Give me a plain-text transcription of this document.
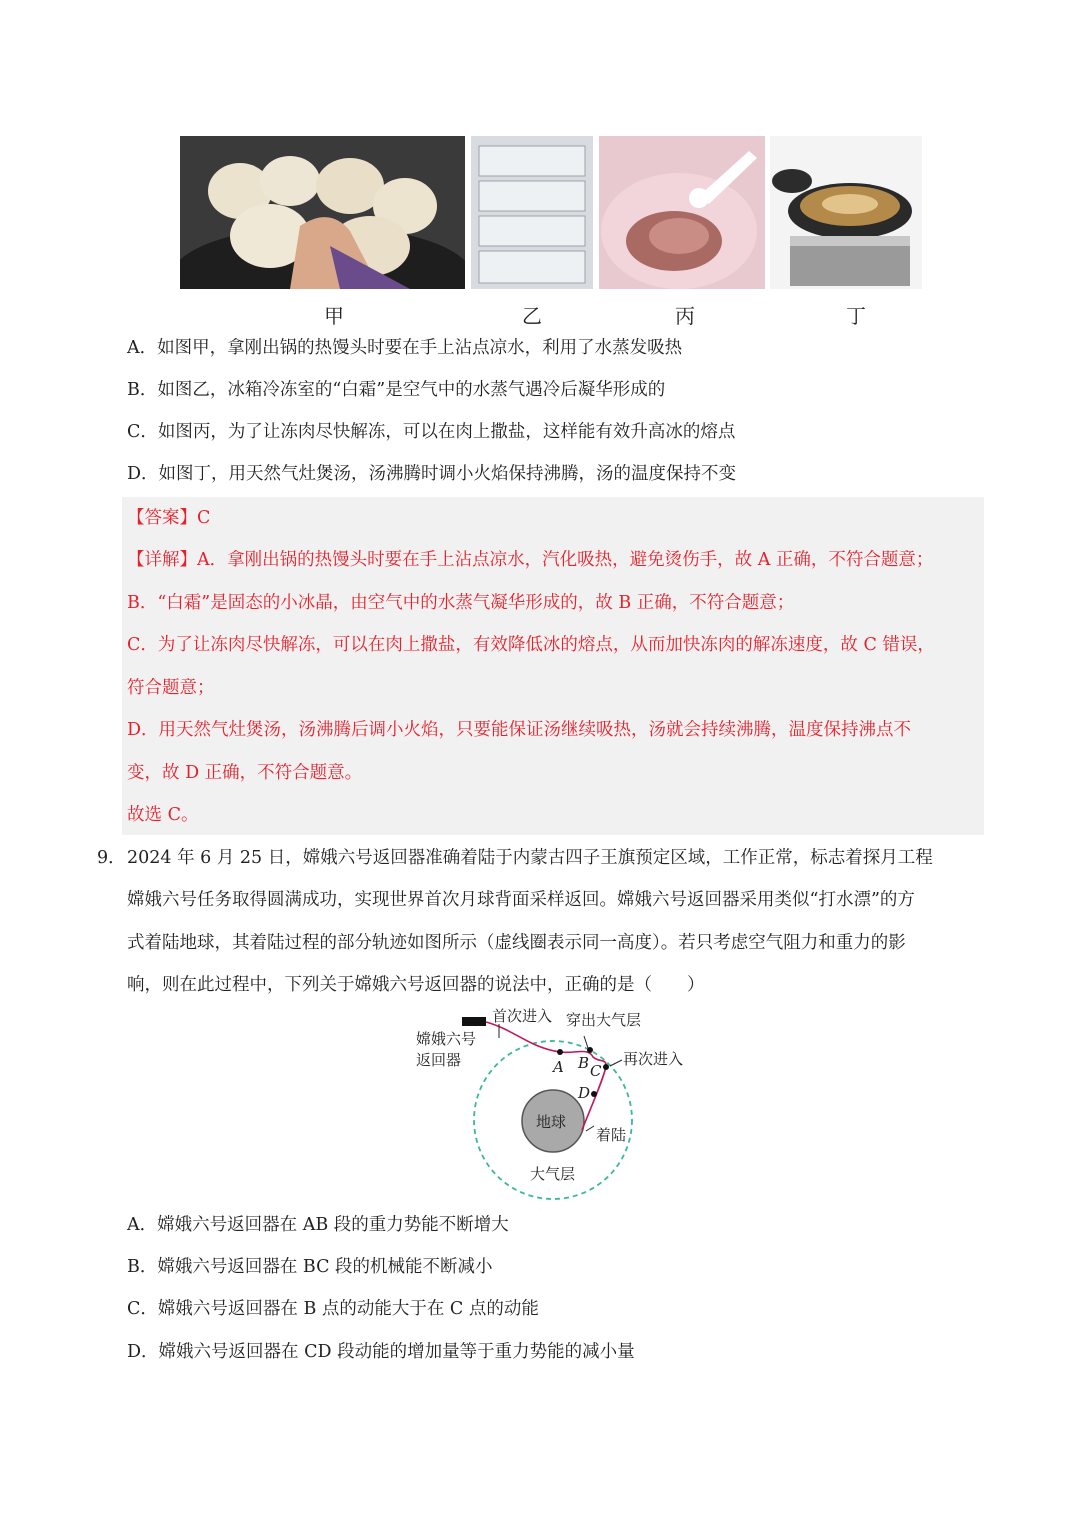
甲	乙	丙	丁
A．如图甲，拿刚出锅的热馒头时要在手上沾点凉水，利用了水蒸发吸热
B．如图乙，冰箱冷冻室的“白霜”是空气中的水蒸气遇冷后凝华形成的
C．如图丙，为了让冻肉尽快解冻，可以在肉上撒盐，这样能有效升高冰的熔点
D．如图丁，用天然气灶煲汤，汤沸腾时调小火焰保持沸腾，汤的温度保持不变
【答案】C
【详解】A．拿刚出锅的热馒头时要在手上沾点凉水，汽化吸热，避免烫伤手，故 A 正确，不符合题意；
B．“白霜”是固态的小冰晶，由空气中的水蒸气凝华形成的，故 B 正确，不符合题意；
C．为了让冻肉尽快解冻，可以在肉上撒盐，有效降低冰的熔点，从而加快冻肉的解冻速度，故 C 错误，
符合题意；
D．用天然气灶煲汤，汤沸腾后调小火焰，只要能保证汤继续吸热，汤就会持续沸腾，温度保持沸点不
变，故 D 正确，不符合题意。
故选 C。
9． 2024 年 6 月 25 日，嫦娥六号返回器准确着陆于内蒙古四子王旗预定区域，工作正常，标志着探月工程
嫦娥六号任务取得圆满成功，实现世界首次月球背面采样返回。嫦娥六号返回器采用类似“打水漂”的方
式着陆地球，其着陆过程的部分轨迹如图所示（虚线圈表示同一高度）。若只考虑空气阻力和重力的影
响，则在此过程中，下列关于嫦娥六号返回器的说法中，正确的是（　　）
首次进入 穿出大气层
嫦娥六号
返回器	再次进入
地球
着陆
大气层
A B C
D
A．嫦娥六号返回器在 AB 段的重力势能不断增大
B．嫦娥六号返回器在 BC 段的机械能不断减小
C．嫦娥六号返回器在 B 点的动能大于在 C 点的动能
D．嫦娥六号返回器在 CD 段动能的增加量等于重力势能的减小量
